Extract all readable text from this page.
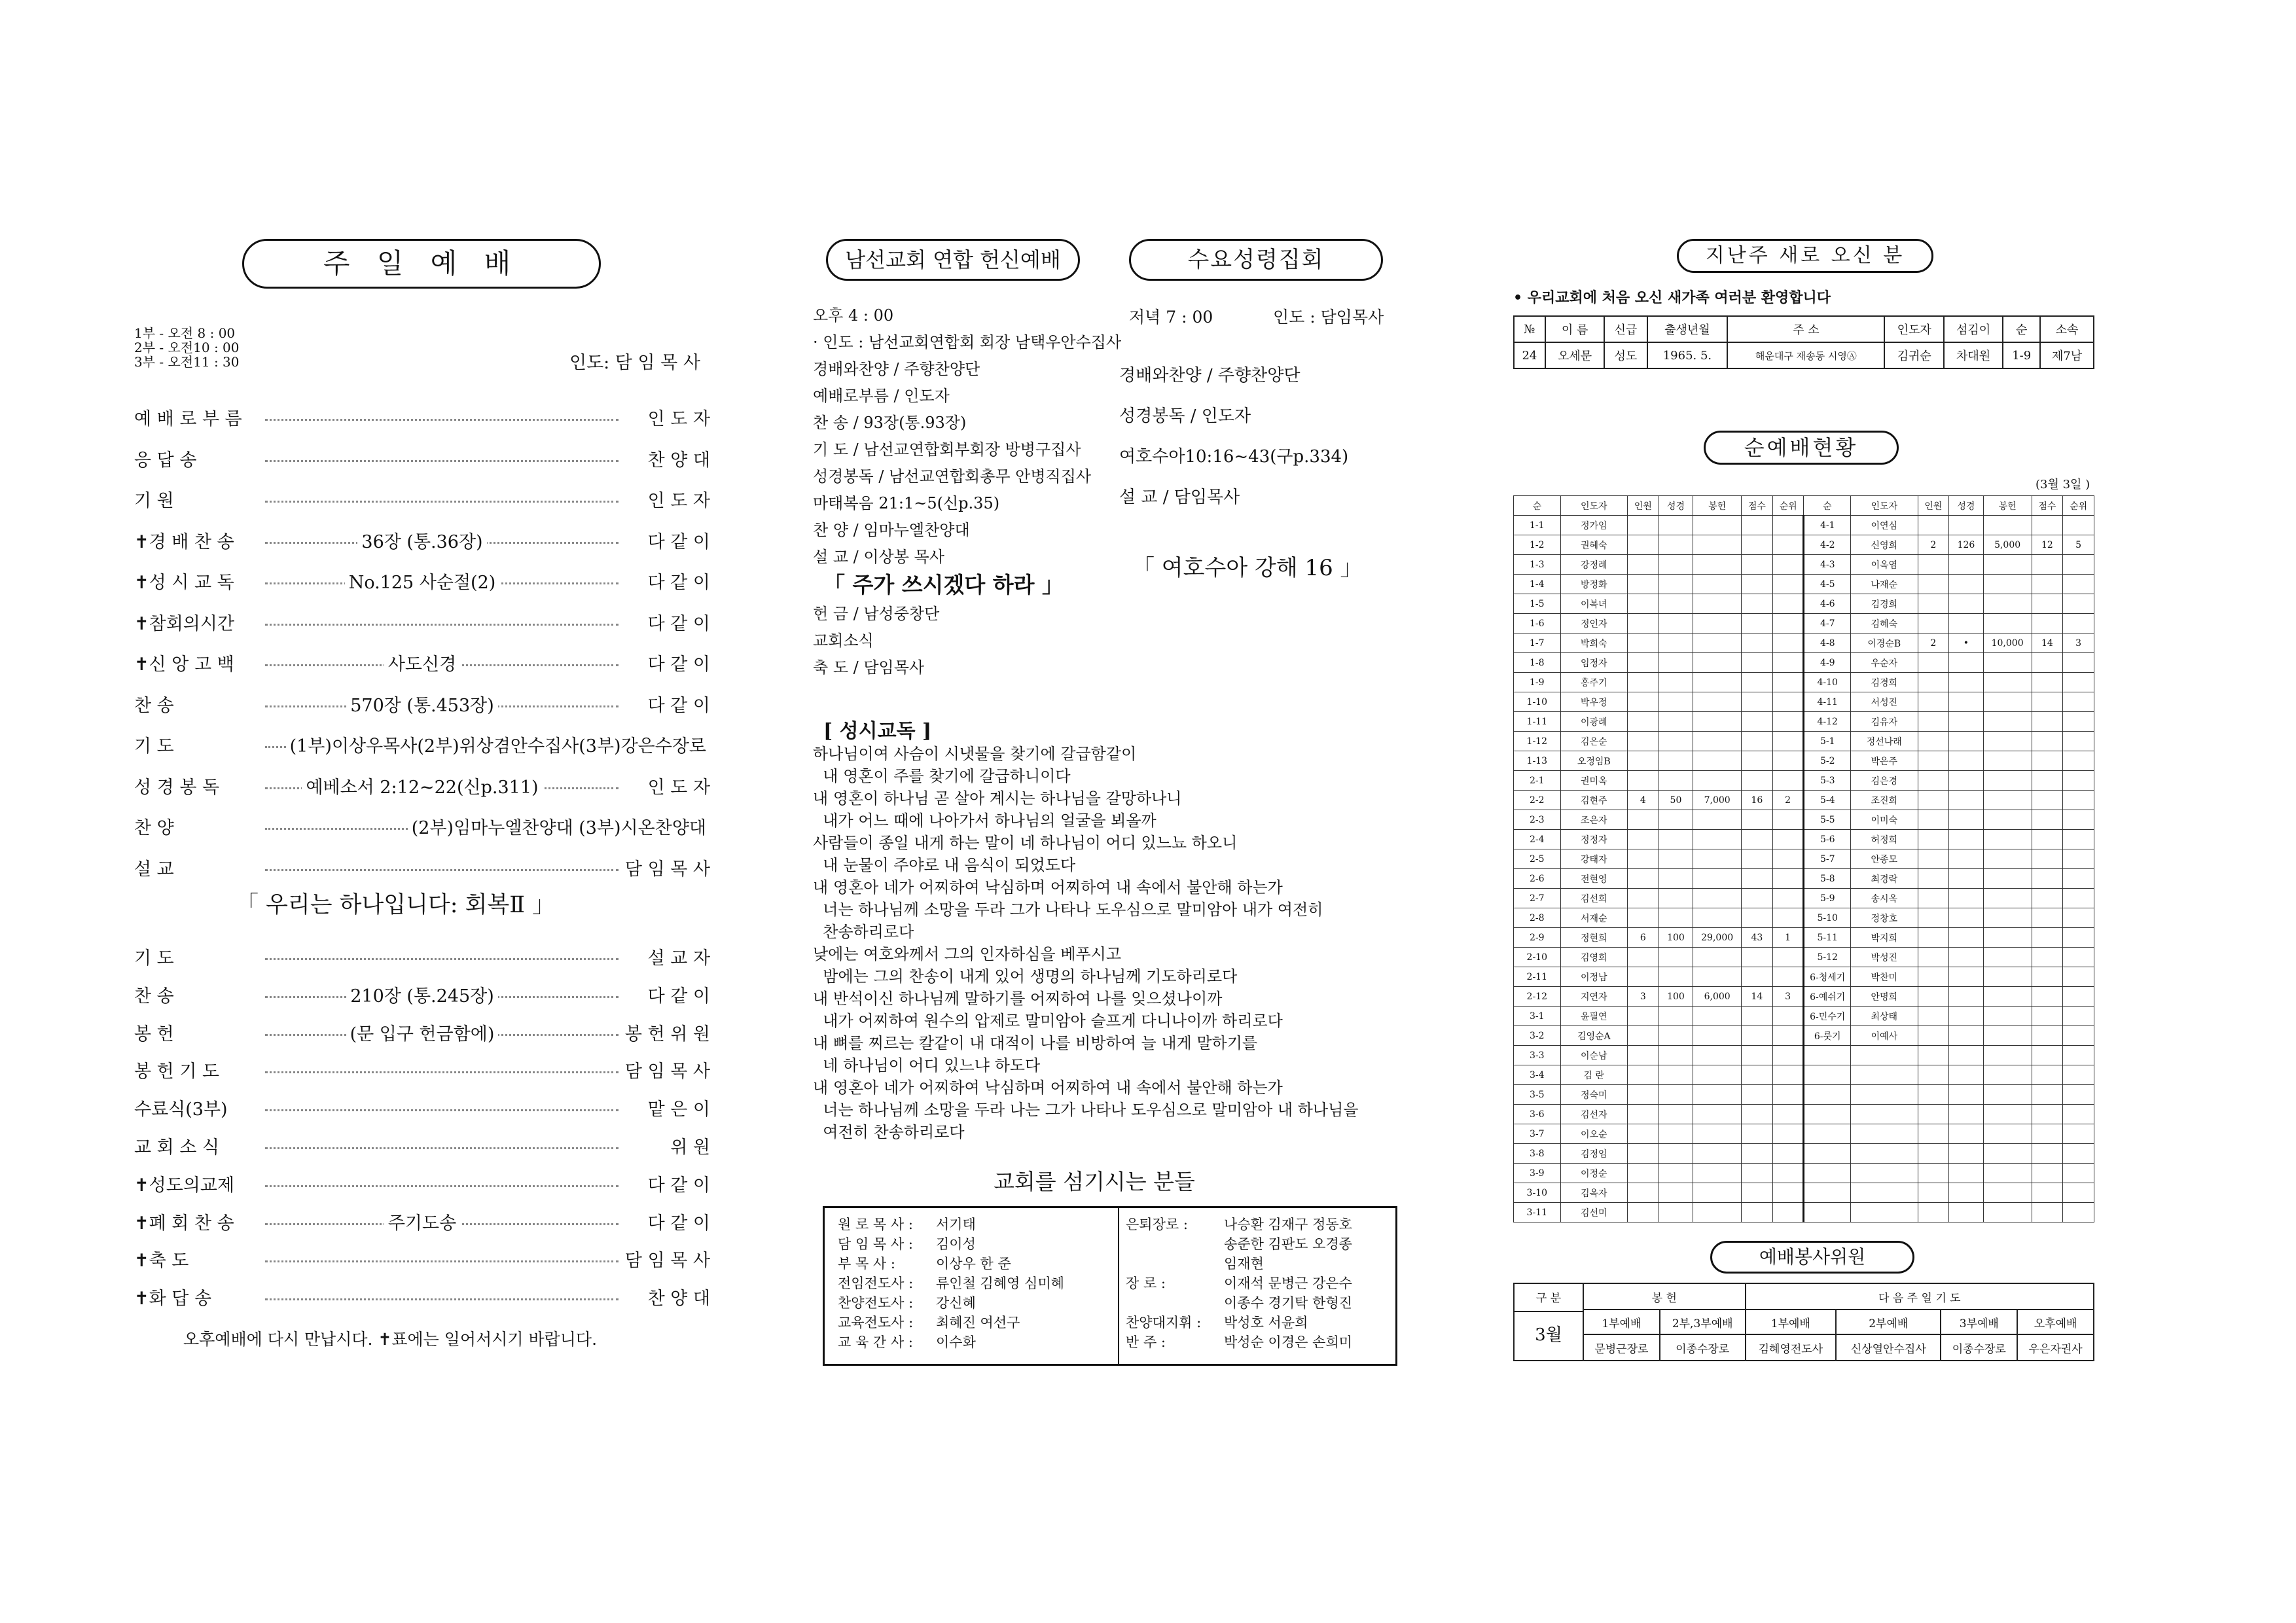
주 일 예 배
1부 - 오전 8 : 00
2부 - 오전10 : 00
3부 - 오전11 : 30	인도: 담 임 목 사
예 배 로 부 름	인 도 자
응 답 송	찬 양 대
기 원	인 도 자
✝경 배 찬 송	36장 (통.36장)	다 같 이
✝성 시 교 독	No.125 사순절(2)	다 같 이
✝참회의시간	다 같 이
✝신 앙 고 백	사도신경	다 같 이
찬 송	570장 (통.453장)	다 같 이
기 도	(1부)이상우목사(2부)위상겸안수집사(3부)강은수장로
성 경 봉 독	예베소서 2:12~22(신p.311)	인 도 자
찬 양	(2부)임마누엘찬양대 (3부)시온찬양대
설 교	담 임 목 사
「 우리는 하나입니다: 회복Ⅱ 」
기 도	설 교 자
찬 송	210장 (통.245장)	다 같 이
봉 헌	(문 입구 헌금함에)	봉 헌 위 원
봉 헌 기 도	담 임 목 사
수료식(3부)	맡 은 이
교 회 소 식	위 원
✝성도의교제	다 같 이
✝폐 회 찬 송	주기도송	다 같 이
✝축 도	담 임 목 사
✝화 답 송	찬 양 대
오후예배에 다시 만납시다. ✝표에는 일어서시기 바랍니다.
남선교회 연합 헌신예배	수요성령집회
오후 4 : 00
· 인도 : 남선교회연합회 회장 남택우안수집사
경배와찬양 / 주향찬양단
예배로부름 / 인도자
찬 송 / 93장(통.93장)
기 도 / 남선교연합회부회장 방병구집사
성경봉독 / 남선교연합회총무 안병직집사
마태복음 21:1~5(신p.35)
찬 양 / 임마누엘찬양대
설 교 / 이상봉 목사
「 주가 쓰시겠다 하라 」
헌 금 / 남성중창단
교회소식
축 도 / 담임목사
저녁 7 : 00	인도 : 담임목사
경배와찬양 / 주향찬양단
성경봉독 / 인도자
여호수아10:16~43(구p.334)
설 교 / 담임목사
「 여호수아 강해 16 」
[ 성시교독 ]
하나님이여 사슴이 시냇물을 찾기에 갈급함같이
내 영혼이 주를 찾기에 갈급하니이다
내 영혼이 하나님 곧 살아 계시는 하나님을 갈망하나니
내가 어느 때에 나아가서 하나님의 얼굴을 뵈올까
사람들이 종일 내게 하는 말이 네 하나님이 어디 있느뇨 하오니
내 눈물이 주야로 내 음식이 되었도다
내 영혼아 네가 어찌하여 낙심하며 어찌하여 내 속에서 불안해 하는가
너는 하나님께 소망을 두라 그가 나타나 도우심으로 말미암아 내가 여전히
찬송하리로다
낮에는 여호와께서 그의 인자하심을 베푸시고
밤에는 그의 찬송이 내게 있어 생명의 하나님께 기도하리로다
내 반석이신 하나님께 말하기를 어찌하여 나를 잊으셨나이까
내가 어찌하여 원수의 압제로 말미암아 슬프게 다니나이까 하리로다
내 뼈를 찌르는 칼같이 내 대적이 나를 비방하여 늘 내게 말하기를
네 하나님이 어디 있느냐 하도다
내 영혼아 네가 어찌하여 낙심하며 어찌하여 내 속에서 불안해 하는가
너는 하나님께 소망을 두라 나는 그가 나타나 도우심으로 말미암아 내 하나님을
여전히 찬송하리로다
교회를 섬기시는 분들
원 로 목 사 : 서기태
담 임 목 사 : 김이성
부 목 사 :	이상우 한 준
전임전도사 : 류인철 김혜영 심미혜
찬양전도사 : 강신혜
교육전도사 : 최혜진 여선구
교 육 간 사 : 이수화
은퇴장로 :	나승환 김재구 정동호
송준한 김판도 오경종
임재현
장 로 :	이재석 문병근 강은수
이종수 경기탁 한형진
찬양대지휘 : 박성호 서윤희
반 주 :	박성순 이경은 손희미
지난주 새로 오신 분
• 우리교회에 처음 오신 새가족 여러분 환영합니다
№	이 름	신급	출생년월	주 소	인도자	섬김이	순	소속
24	오세문	성도	1965. 5.	해운대구 재송동 시영Ⓐ	김귀순	차대원	1-9	제7남
순예배현황
(3월 3일 )
순	인도자	인원	성경	봉헌	점수	순위	순	인도자	인원	성경	봉헌	점수	순위
1-1	정가임						4-1	이연심					
1-2	권혜숙						4-2	신영희	2	126	5,000	12	5
1-3	강정례						4-3	이옥염					
1-4	방정화						4-5	나재순					
1-5	이복녀						4-6	김경희					
1-6	정인자						4-7	김혜숙					
1-7	박희숙						4-8	이경순B	2	•	10,000	14	3
1-8	임정자						4-9	우순자					
1-9	홍주기						4-10	김경희					
1-10	박우정						4-11	서성진					
1-11	이광례						4-12	김유자					
1-12	김은순						5-1	정선나래					
1-13	오정임B						5-2	박은주					
2-1	권미옥						5-3	김은경					
2-2	김현주	4	50	7,000	16	2	5-4	조진희					
2-3	조은자						5-5	이미숙					
2-4	정정자						5-6	허정희					
2-5	강태자						5-7	안종모					
2-6	전현영						5-8	최경락					
2-7	김선희						5-9	송시옥					
2-8	서재순						5-10	정창호					
2-9	정현희	6	100	29,000	43	1	5-11	박지희					
2-10	김영희						5-12	박성진					
2-11	이정남						6-청세기	박찬미					
2-12	지연자	3	100	6,000	14	3	6-예쉬기	안명희					
3-1	윤필연						6-민수기	최상태					
3-2	김영순A						6-룻기	이예사					
3-3	이순남												
3-4	김 란												
3-5	정숙미												
3-6	김선자												
3-7	이오순												
3-8	김정임												
3-9	이정순												
3-10	김옥자												
3-11	김선미												
예배봉사위원
구 분
3월	봉 헌		다 음 주 일 기 도			
	1부예배	2부,3부예배	1부예배	2부예배	3부예배	오후예배
	문병근장로	이종수장로	김혜영전도사	신상열안수집사	이종수장로	우은자권사
